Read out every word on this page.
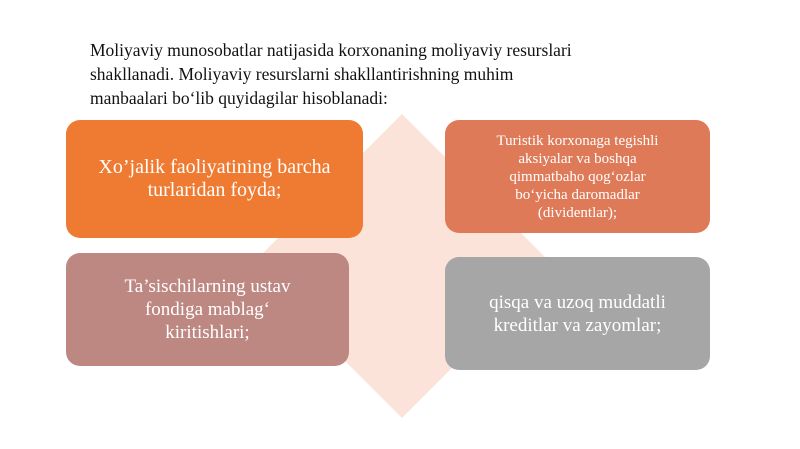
Moliyaviy munosobatlar natijasida korxonaning moliyaviy resurslari
shakllanadi. Moliyaviy resurslarni shakllantirishning muhim
manbaalari bo‘lib quyidagilar hisoblanadi:
Xo’jalik faoliyatining barcha
turlaridan foyda;
Turistik korxonaga tegishli
aksiyalar va boshqa
qimmatbaho qog‘ozlar
bo‘yicha daromadlar
(dividentlar);
Ta’sischilarning ustav
fondiga mablag‘
kiritishlari;
qisqa va uzoq muddatli
kreditlar va zayomlar;
